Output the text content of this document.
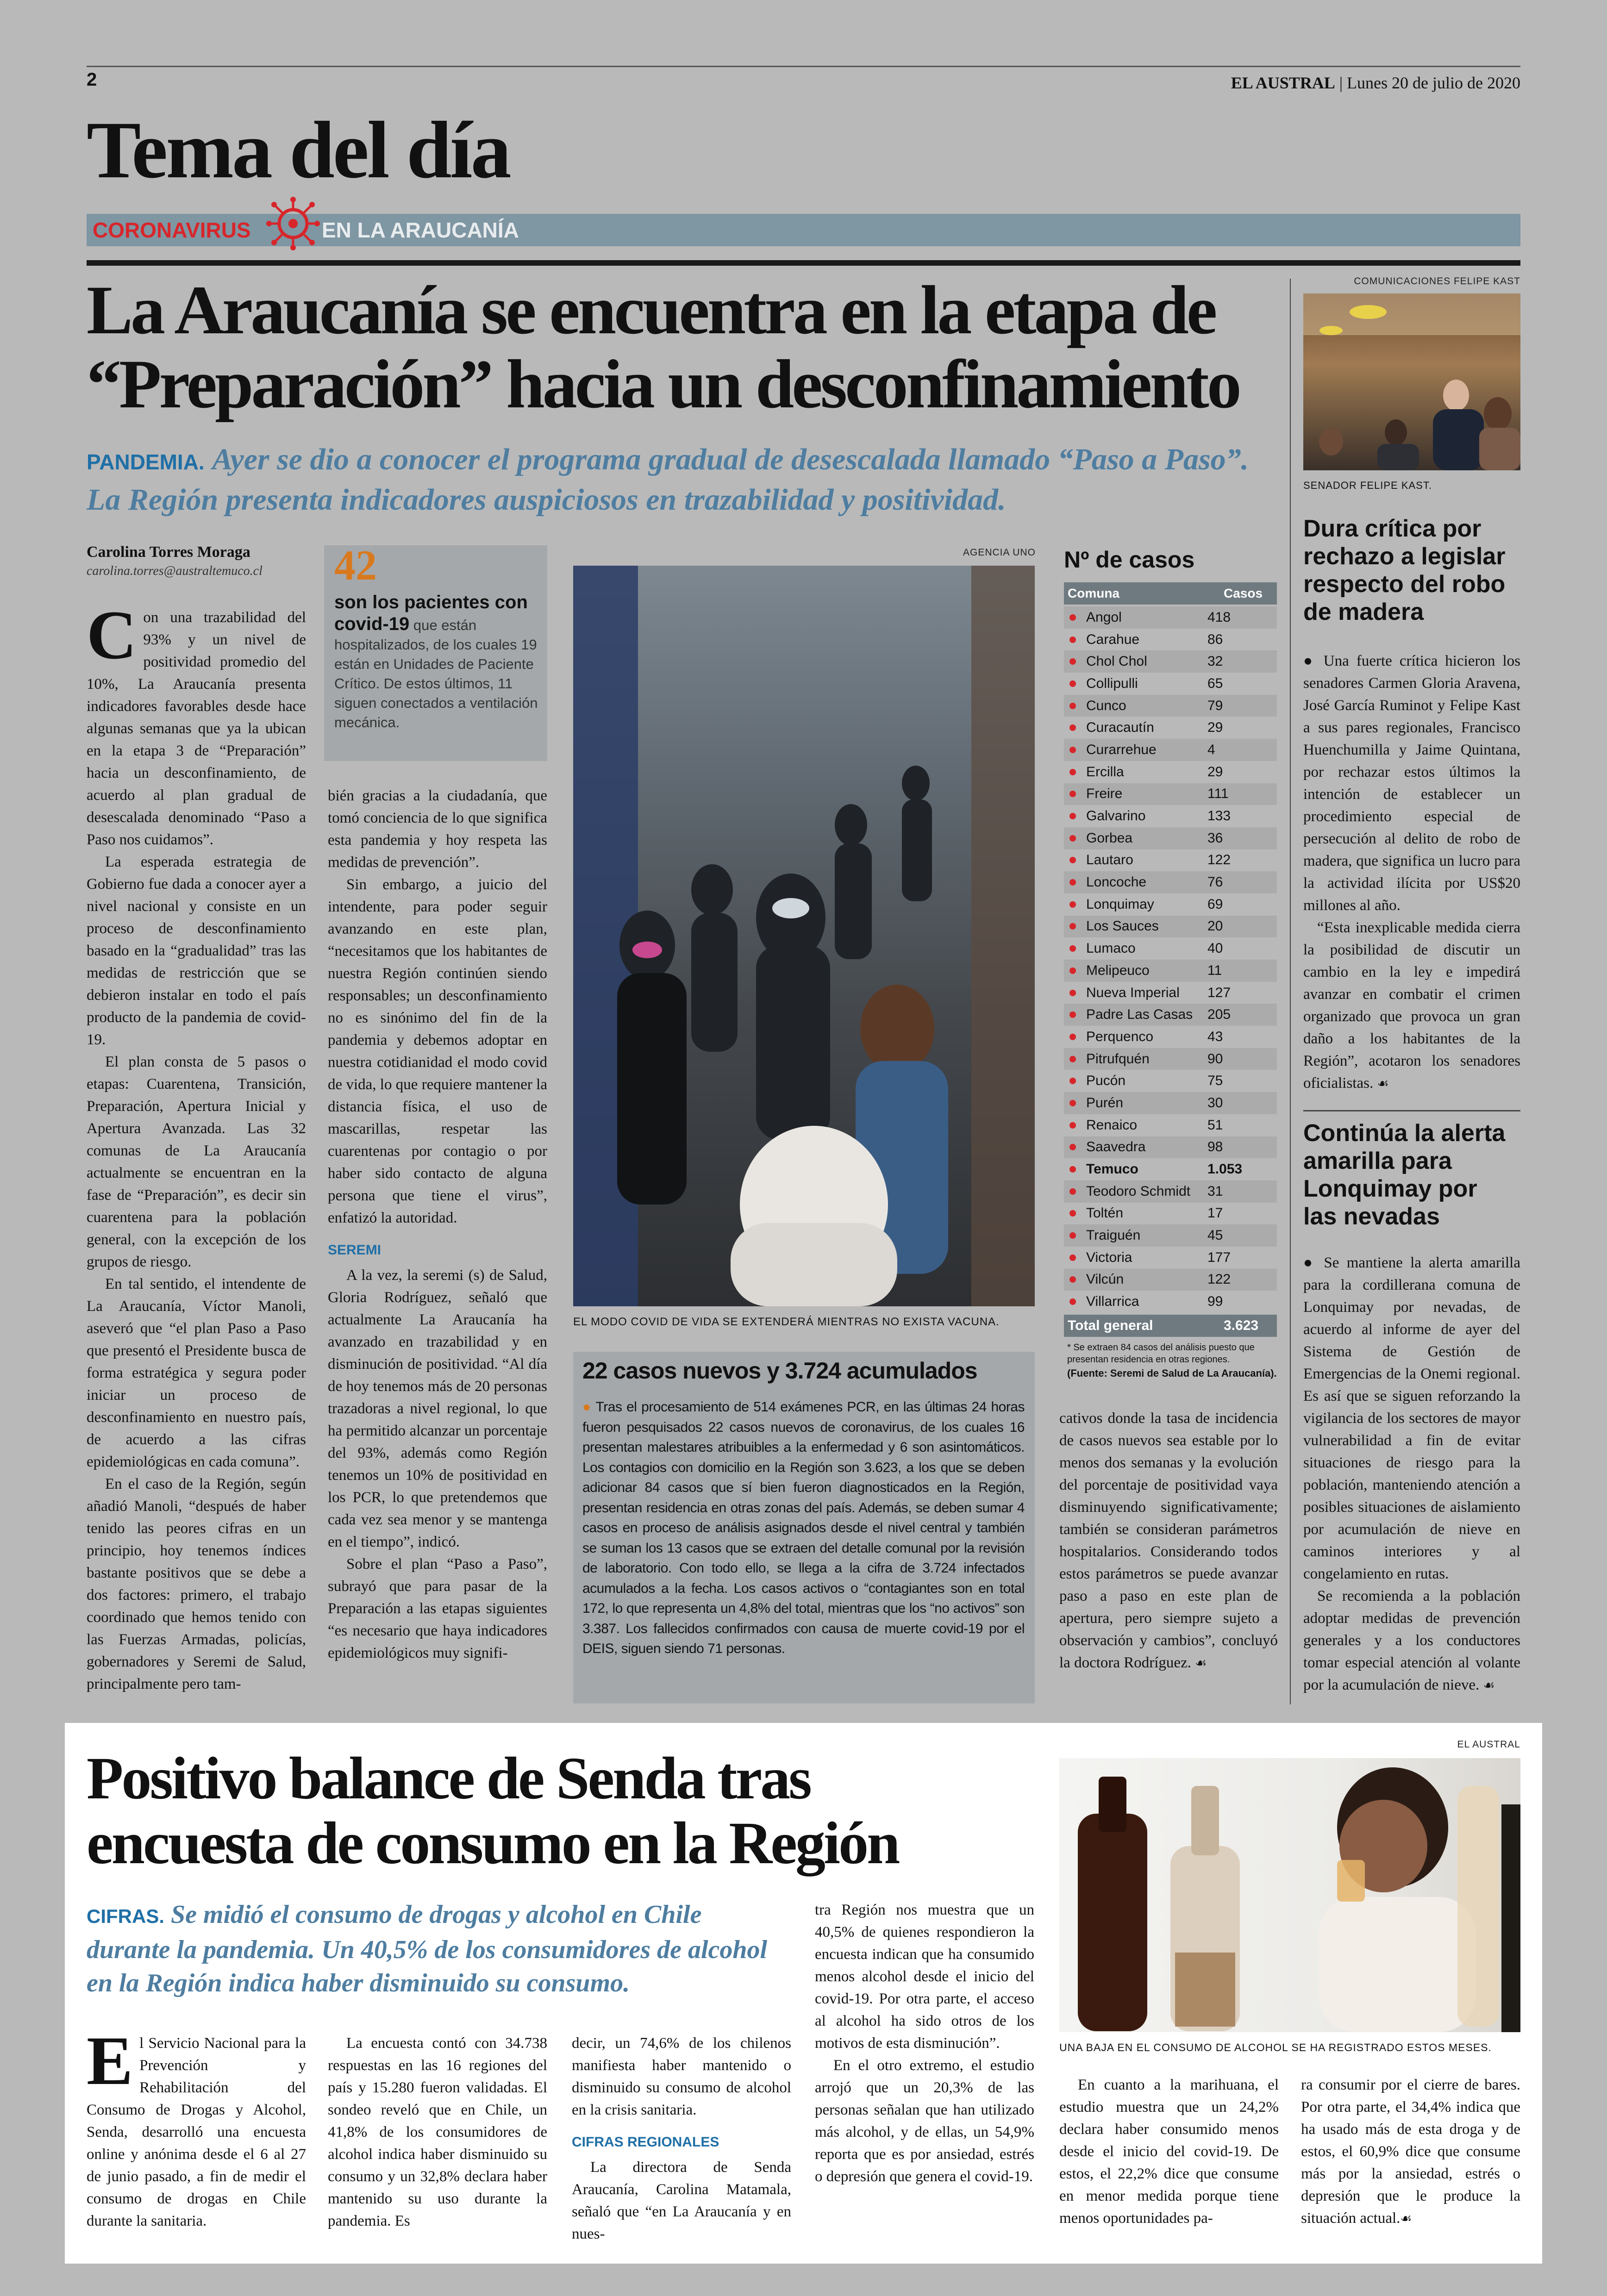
2	EL AUSTRAL | Lunes 20 de julio de 2020
Tema del día
CORONAVIRUS	EN LA ARAUCANÍA
La Araucanía se encuentra en la etapa de
“Preparación” hacia un desconfinamiento
PANDEMIA. Ayer se dio a conocer el programa gradual de desescalada llamado “Paso a Paso”. La Región presenta indicadores auspiciosos en trazabilidad y positividad.
Carolina Torres Moraga
carolina.torres@australtemuco.cl
C on una trazabilidad del 93% y un nivel de positividad promedio del 10%, La Araucanía presenta indicadores favorables desde hace algunas semanas que ya la ubican en la etapa 3 de “Preparación” hacia un desconfinamiento, de acuerdo al plan gradual de desescalada denominado “Paso a Paso nos cuidamos”.

La esperada estrategia de Gobierno fue dada a conocer ayer a nivel nacional y consiste en un proceso de desconfinamiento basado en la “gradualidad” tras las medidas de restricción que se debieron instalar en todo el país producto de la pandemia de covid-19.

El plan consta de 5 pasos o etapas: Cuarentena, Transición, Preparación, Apertura Inicial y Apertura Avanzada. Las 32 comunas de La Araucanía actualmente se encuentran en la fase de “Preparación”, es decir sin cuarentena para la población general, con la excepción de los grupos de riesgo.

En tal sentido, el intendente de La Araucanía, Víctor Manoli, aseveró que “el plan Paso a Paso que presentó el Presidente busca de forma estratégica y segura poder iniciar un proceso de desconfinamiento en nuestro país, de acuerdo a las cifras epidemiológicas en cada comuna”.

En el caso de la Región, según añadió Manoli, “después de haber tenido las peores cifras en un principio, hoy tenemos índices bastante positivos que se debe a dos factores: primero, el trabajo coordinado que hemos tenido con las Fuerzas Armadas, policías, gobernadores y Seremi de Salud, principalmente pero tam-

42
son los pacientes con covid-19 que están hospitalizados, de los cuales 19 están en Unidades de Paciente Crítico. De estos últimos, 11 siguen conectados a ventilación mecánica.

bién gracias a la ciudadanía, que tomó conciencia de lo que significa esta pandemia y hoy respeta las medidas de prevención”.

Sin embargo, a juicio del intendente, para poder seguir avanzando en este plan, “necesitamos que los habitantes de nuestra Región continúen siendo responsables; un desconfinamiento no es sinónimo del fin de la pandemia y debemos adoptar en nuestra cotidianidad el modo covid de vida, lo que requiere mantener la distancia física, el uso de mascarillas, respetar las cuarentenas por contagio o por haber sido contacto de alguna persona que tiene el virus”, enfatizó la autoridad.

SEREMI

A la vez, la seremi (s) de Salud, Gloria Rodríguez, señaló que actualmente La Araucanía ha avanzado en trazabilidad y en disminución de positividad. “Al día de hoy tenemos más de 20 personas trazadoras a nivel regional, lo que ha permitido alcanzar un porcentaje del 93%, además como Región tenemos un 10% de positividad en los PCR, lo que pretendemos que cada vez sea menor y se mantenga en el tiempo”, indicó.

Sobre el plan “Paso a Paso”, subrayó que para pasar de la Preparación a las etapas siguientes “es necesario que haya indicadores epidemiológicos muy signifi-

AGENCIA UNO
EL MODO COVID DE VIDA SE EXTENDERÁ MIENTRAS NO EXISTA VACUNA.
22 casos nuevos y 3.724 acumulados
● Tras el procesamiento de 514 exámenes PCR, en las últimas 24 horas fueron pesquisados 22 casos nuevos de coronavirus, de los cuales 16 presentan malestares atribuibles a la enfermedad y 6 son asintomáticos. Los contagios con domicilio en la Región son 3.623, a los que se deben adicionar 84 casos que sí bien fueron diagnosticados en la Región, presentan residencia en otras zonas del país. Además, se deben sumar 4 casos en proceso de análisis asignados desde el nivel central y también se suman los 13 casos que se extraen del detalle comunal por la revisión de laboratorio. Con todo ello, se llega a la cifra de 3.724 infectados acumulados a la fecha. Los casos activos o “contagiantes son en total 172, lo que representa un 4,8% del total, mientras que los “no activos” son 3.387. Los fallecidos confirmados con causa de muerte covid-19 por el DEIS, siguen siendo 71 personas.
Nº de casos
Comuna	Casos
Angol	418
Carahue	86
Chol Chol	32
Collipulli	65
Cunco	79
Curacautín	29
Curarrehue	4
Ercilla	29
Freire	111
Galvarino	133
Gorbea	36
Lautaro	122
Loncoche	76
Lonquimay	69
Los Sauces	20
Lumaco	40
Melipeuco	11
Nueva Imperial	127
Padre Las Casas	205
Perquenco	43
Pitrufquén	90
Pucón	75
Purén	30
Renaico	51
Saavedra	98
Temuco	1.053
Teodoro Schmidt	31
Toltén	17
Traiguén	45
Victoria	177
Vilcún	122
Villarrica	99
Total general	3.623
* Se extraen 84 casos del análisis puesto que presentan residencia en otras regiones.
(Fuente: Seremi de Salud de La Araucanía).

cativos donde la tasa de incidencia de casos nuevos sea estable por lo menos dos semanas y la evolución del porcentaje de positividad vaya disminuyendo significativamente; también se consideran parámetros hospitalarios. Considerando todos estos parámetros se puede avanzar paso a paso en este plan de apertura, pero siempre sujeto a observación y cambios”, concluyó la doctora Rodríguez. ☙

COMUNICACIONES FELIPE KAST
SENADOR FELIPE KAST.
Dura crítica por rechazo a legislar respecto del robo de madera

● Una fuerte crítica hicieron los senadores Carmen Gloria Aravena, José García Ruminot y Felipe Kast a sus pares regionales, Francisco Huenchumilla y Jaime Quintana, por rechazar estos últimos la intención de establecer un procedimiento especial de persecución al delito de robo de madera, que significa un lucro para la actividad ilícita por US$20 millones al año.

“Esta inexplicable medida cierra la posibilidad de discutir un cambio en la ley e impedirá avanzar en combatir el crimen organizado que provoca un gran daño a los habitantes de la Región”, acotaron los senadores oficialistas. ☙

Continúa la alerta amarilla para Lonquimay por las nevadas

● Se mantiene la alerta amarilla para la cordillerana comuna de Lonquimay por nevadas, de acuerdo al informe de ayer del Sistema de Gestión de Emergencias de la Onemi regional. Es así que se siguen reforzando la vigilancia de los sectores de mayor vulnerabilidad a fin de evitar situaciones de riesgo para la población, manteniendo atención a posibles situaciones de aislamiento por acumulación de nieve en caminos interiores y al congelamiento en rutas.

Se recomienda a la población adoptar medidas de prevención generales y a los conductores tomar especial atención al volante por la acumulación de nieve. ☙

EL AUSTRAL
Positivo balance de Senda tras
encuesta de consumo en la Región
CIFRAS. Se midió el consumo de drogas y alcohol en Chile durante la pandemia. Un 40,5% de los consumidores de alcohol en la Región indica haber disminuido su consumo.
E l Servicio Nacional para la Prevención y Rehabilitación del Consumo de Drogas y Alcohol, Senda, desarrolló una encuesta online y anónima desde el 6 al 27 de junio pasado, a fin de medir el consumo de drogas en Chile durante la sanitaria.

La encuesta contó con 34.738 respuestas en las 16 regiones del país y 15.280 fueron validadas. El sondeo reveló que en Chile, un 41,8% de los consumidores de alcohol indica haber disminuido su consumo y un 32,8% declara haber mantenido su uso durante la pandemia. Es

decir, un 74,6% de los chilenos manifiesta haber mantenido o disminuido su consumo de alcohol en la crisis sanitaria.

CIFRAS REGIONALES

La directora de Senda Araucanía, Carolina Matamala, señaló que “en La Araucanía y en nues-

tra Región nos muestra que un 40,5% de quienes respondieron la encuesta indican que ha consumido menos alcohol desde el inicio del covid-19. Por otra parte, el acceso al alcohol ha sido otros de los motivos de esta disminución”.

En el otro extremo, el estudio arrojó que un 20,3% de las personas señalan que han utilizado más alcohol, y de ellas, un 54,9% reporta que es por ansiedad, estrés o depresión que genera el covid-19.

UNA BAJA EN EL CONSUMO DE ALCOHOL SE HA REGISTRADO ESTOS MESES.

En cuanto a la marihuana, el estudio muestra que un 24,2% declara haber consumido menos desde el inicio del covid-19. De estos, el 22,2% dice que consume en menor medida porque tiene menos oportunidades pa-

ra consumir por el cierre de bares. Por otra parte, el 34,4% indica que ha usado más de esta droga y de estos, el 60,9% dice que consume más por la ansiedad, estrés o depresión que le produce la situación actual.☙
